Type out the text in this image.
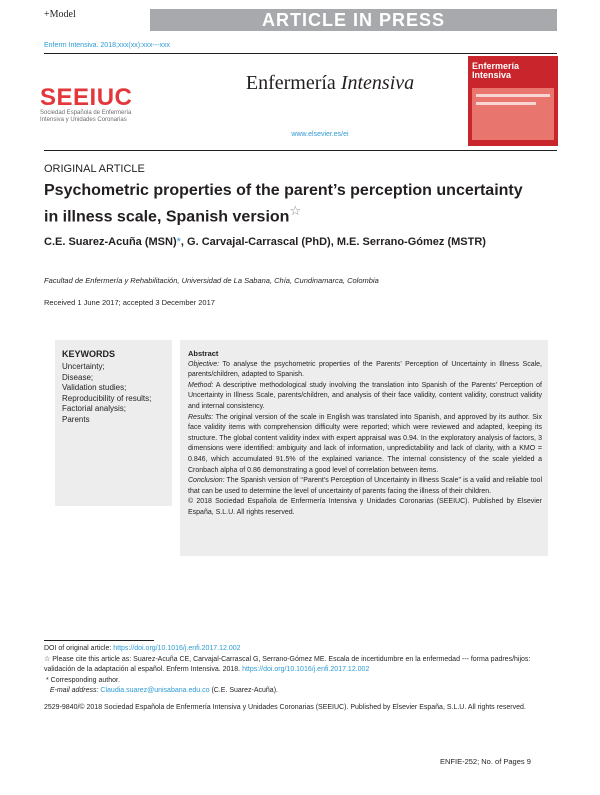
+Model	ARTICLE IN PRESS
Enferm Intensiva. 2018;xxx(xx):xxx---xxx
SEEIUC
Sociedad Española de Enfermería Intensiva y Unidades Coronarias
Enfermería Intensiva
www.elsevier.es/ei
Enfermería
Intensiva
ORIGINAL ARTICLE
Psychometric properties of the parent’s perception uncertainty in illness scale, Spanish version☆
C.E. Suarez-Acuña (MSN)*, G. Carvajal-Carrascal (PhD), M.E. Serrano-Gómez (MSTR)
Facultad de Enfermería y Rehabilitación, Universidad de La Sabana, Chía, Cundinamarca, Colombia
Received 1 June 2017; accepted 3 December 2017
KEYWORDS
Uncertainty;
Disease;
Validation studies;
Reproducibility of results;
Factorial analysis;
Parents
Abstract
Objective: To analyse the psychometric properties of the Parents’ Perception of Uncertainty in Illness Scale, parents/children, adapted to Spanish.
Method: A descriptive methodological study involving the translation into Spanish of the Parents’ Perception of Uncertainty in Illness Scale, parents/children, and analysis of their face validity, content validity, construct validity and internal consistency.
Results: The original version of the scale in English was translated into Spanish, and approved by its author. Six face validity items with comprehension difficulty were reported; which were reviewed and adapted, keeping its structure. The global content validity index with expert appraisal was 0.94. In the exploratory analysis of factors, 3 dimensions were identified: ambiguity and lack of information, unpredictability and lack of clarity, with a KMO = 0.846, which accumulated 91.5% of the explained variance. The internal consistency of the scale yielded a Cronbach alpha of 0.86 demonstrating a good level of correlation between items.
Conclusion: The Spanish version of ‘‘Parent’s Perception of Uncertainty in Illness Scale’’ is a valid and reliable tool that can be used to determine the level of uncertainty of parents facing the illness of their children.
© 2018 Sociedad Española de Enfermería Intensiva y Unidades Coronarias (SEEIUC). Published by Elsevier España, S.L.U. All rights reserved.
DOI of original article: https://doi.org/10.1016/j.enfi.2017.12.002
☆ Please cite this article as: Suarez-Acuña CE, Carvajal-Carrascal G, Serrano-Gómez ME. Escala de incertidumbre en la enfermedad --- forma padres/hijos: validación de la adaptación al español. Enferm Intensiva. 2018. https://doi.org/10.1016/j.enfi.2017.12.002
* Corresponding author.
E-mail address: Claudia.suarez@unisabana.edu.co (C.E. Suarez-Acuña).
2529-9840/© 2018 Sociedad Española de Enfermería Intensiva y Unidades Coronarias (SEEIUC). Published by Elsevier España, S.L.U. All rights reserved.
ENFIE-252; No. of Pages 9
